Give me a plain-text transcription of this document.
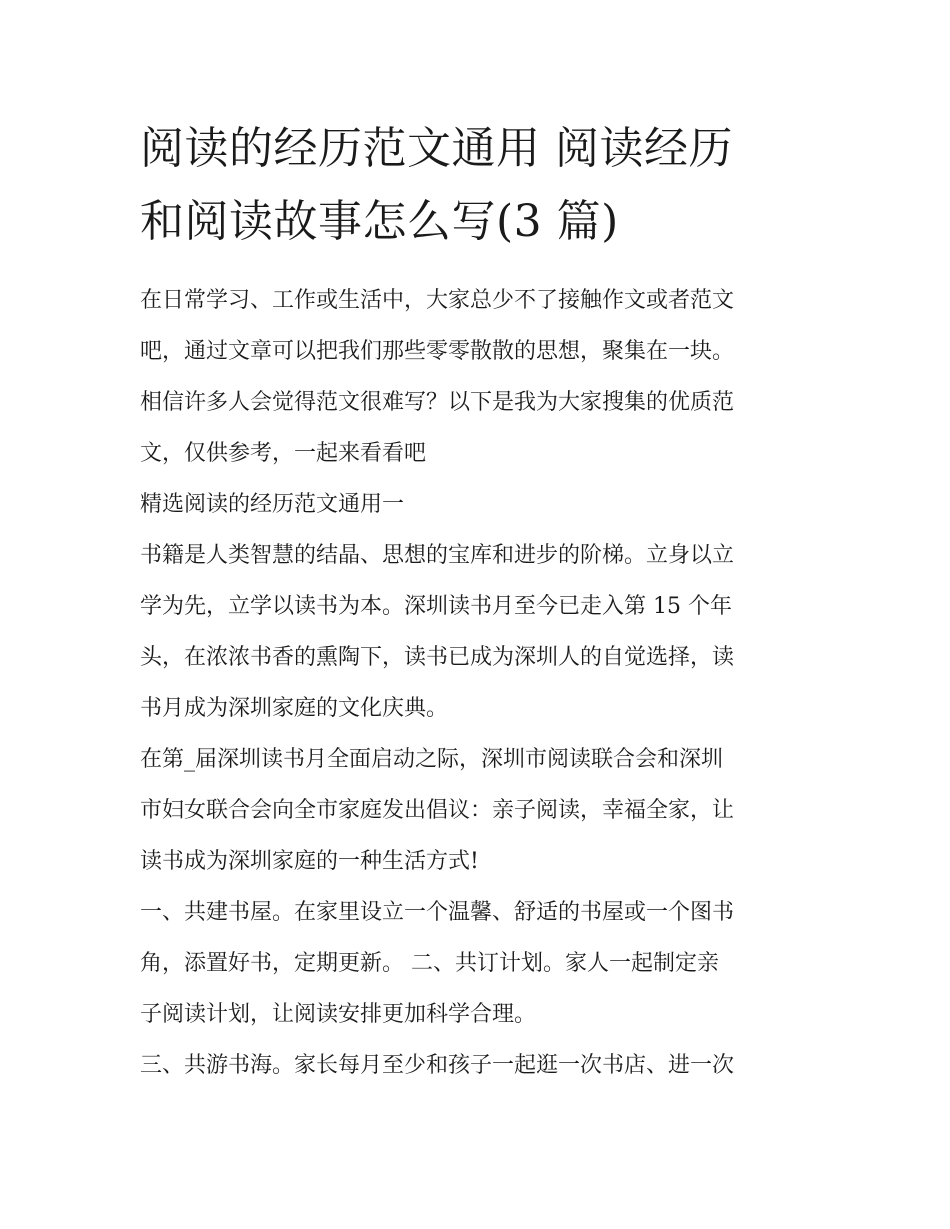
阅读的经历范文通用 阅读经历
和阅读故事怎么写(3 篇)
在日常学习、工作或生活中，大家总少不了接触作文或者范文
吧，通过文章可以把我们那些零零散散的思想，聚集在一块。
相信许多人会觉得范文很难写？以下是我为大家搜集的优质范
文，仅供参考，一起来看看吧
精选阅读的经历范文通用一
书籍是人类智慧的结晶、思想的宝库和进步的阶梯。立身以立
学为先，立学以读书为本。深圳读书月至今已走入第 15 个年
头，在浓浓书香的熏陶下，读书已成为深圳人的自觉选择，读
书月成为深圳家庭的文化庆典。
在第_届深圳读书月全面启动之际，深圳市阅读联合会和深圳
市妇女联合会向全市家庭发出倡议：亲子阅读，幸福全家，让
读书成为深圳家庭的一种生活方式!
一、共建书屋。在家里设立一个温馨、舒适的书屋或一个图书
角，添置好书，定期更新。 二、共订计划。家人一起制定亲
子阅读计划，让阅读安排更加科学合理。
三、共游书海。家长每月至少和孩子一起逛一次书店、进一次
